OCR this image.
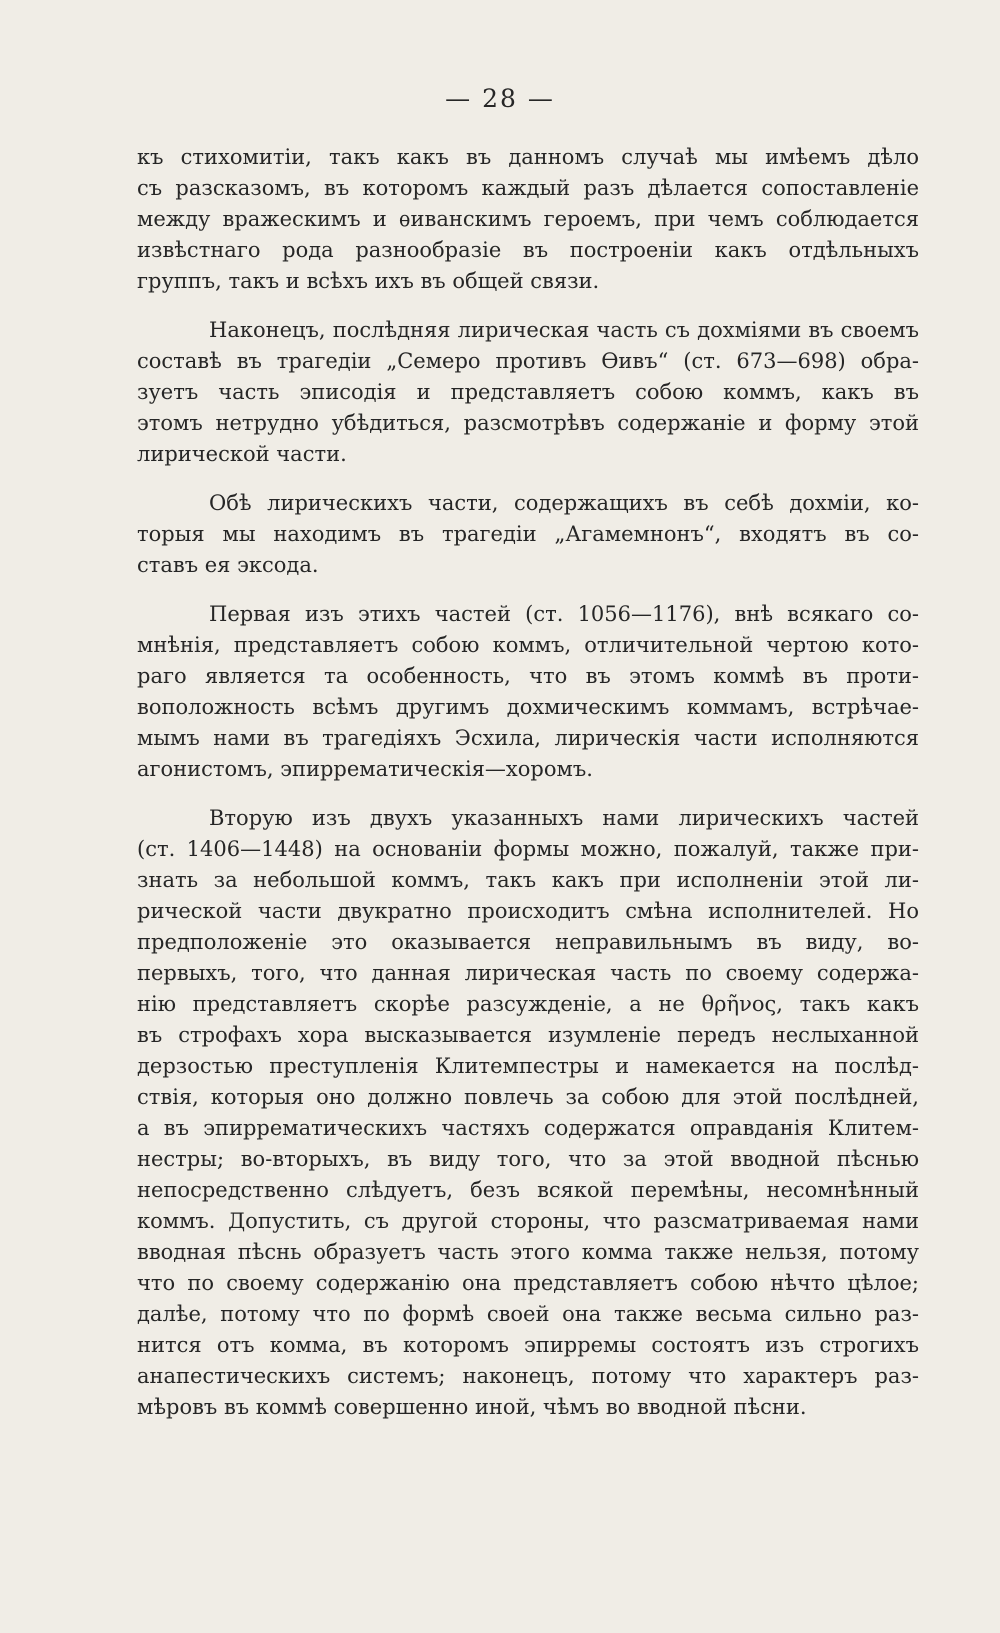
— 28 —
къ стихомитіи, такъ какъ въ данномъ случаѣ мы имѣемъ дѣло
съ разсказомъ, въ которомъ каждый разъ дѣлается сопоставленіе
между вражескимъ и ѳиванскимъ героемъ, при чемъ соблюдается
извѣстнаго рода разнообразіе въ построеніи какъ отдѣльныхъ
группъ, такъ и всѣхъ ихъ въ общей связи.
Наконецъ, послѣдняя лирическая часть съ дохміями въ своемъ
составѣ въ трагедіи „Семеро противъ Ѳивъ“ (ст. 673—698) обра-
зуетъ часть эписодія и представляетъ собою коммъ, какъ въ
этомъ нетрудно убѣдиться, разсмотрѣвъ содержаніе и форму этой
лирической части.
Обѣ лирическихъ части, содержащихъ въ себѣ дохміи, ко-
торыя мы находимъ въ трагедіи „Агамемнонъ“, входятъ въ со-
ставъ ея эксода.
Первая изъ этихъ частей (ст. 1056—1176), внѣ всякаго со-
мнѣнія, представляетъ собою коммъ, отличительной чертою кото-
раго является та особенность, что въ этомъ коммѣ въ проти-
воположность всѣмъ другимъ дохмическимъ коммамъ, встрѣчае-
мымъ нами въ трагедіяхъ Эсхила, лирическія части исполняются
агонистомъ, эпирремaтическія—хоромъ.
Вторую изъ двухъ указанныхъ нами лирическихъ частей
(ст. 1406—1448) на основаніи формы можно, пожалуй, также при-
знать за небольшой коммъ, такъ какъ при исполненіи этой ли-
рической части двукратно происходитъ смѣна исполнителей. Но
предположеніе это оказывается неправильнымъ въ виду, во-
первыхъ, того, что данная лирическая часть по своему содержа-
нію представляетъ скорѣе разсужденіе, а не θρῆνος, такъ какъ
въ строфахъ хора высказывается изумленіе передъ неслыханной
дерзостью преступленія Клитемпестры и намекается на послѣд-
ствія, которыя оно должно повлечь за собою для этой послѣдней,
а въ эпирремaтическихъ частяхъ содержатся оправданія Клитем-
нестры; во-вторыхъ, въ виду того, что за этой вводной пѣснью
непосредственно слѣдуетъ, безъ всякой перемѣны, несомнѣнный
коммъ. Допустить, съ другой стороны, что разсматриваемая нами
вводная пѣснь образуетъ часть этого комма также нельзя, потому
что по своему содержанію она представляетъ собою нѣчто цѣлое;
далѣе, потому что по формѣ своей она также весьма сильно раз-
нится отъ комма, въ которомъ эпирремы состоятъ изъ строгихъ
анапестическихъ системъ; наконецъ, потому что характеръ раз-
мѣровъ въ коммѣ совершенно иной, чѣмъ во вводной пѣсни.
